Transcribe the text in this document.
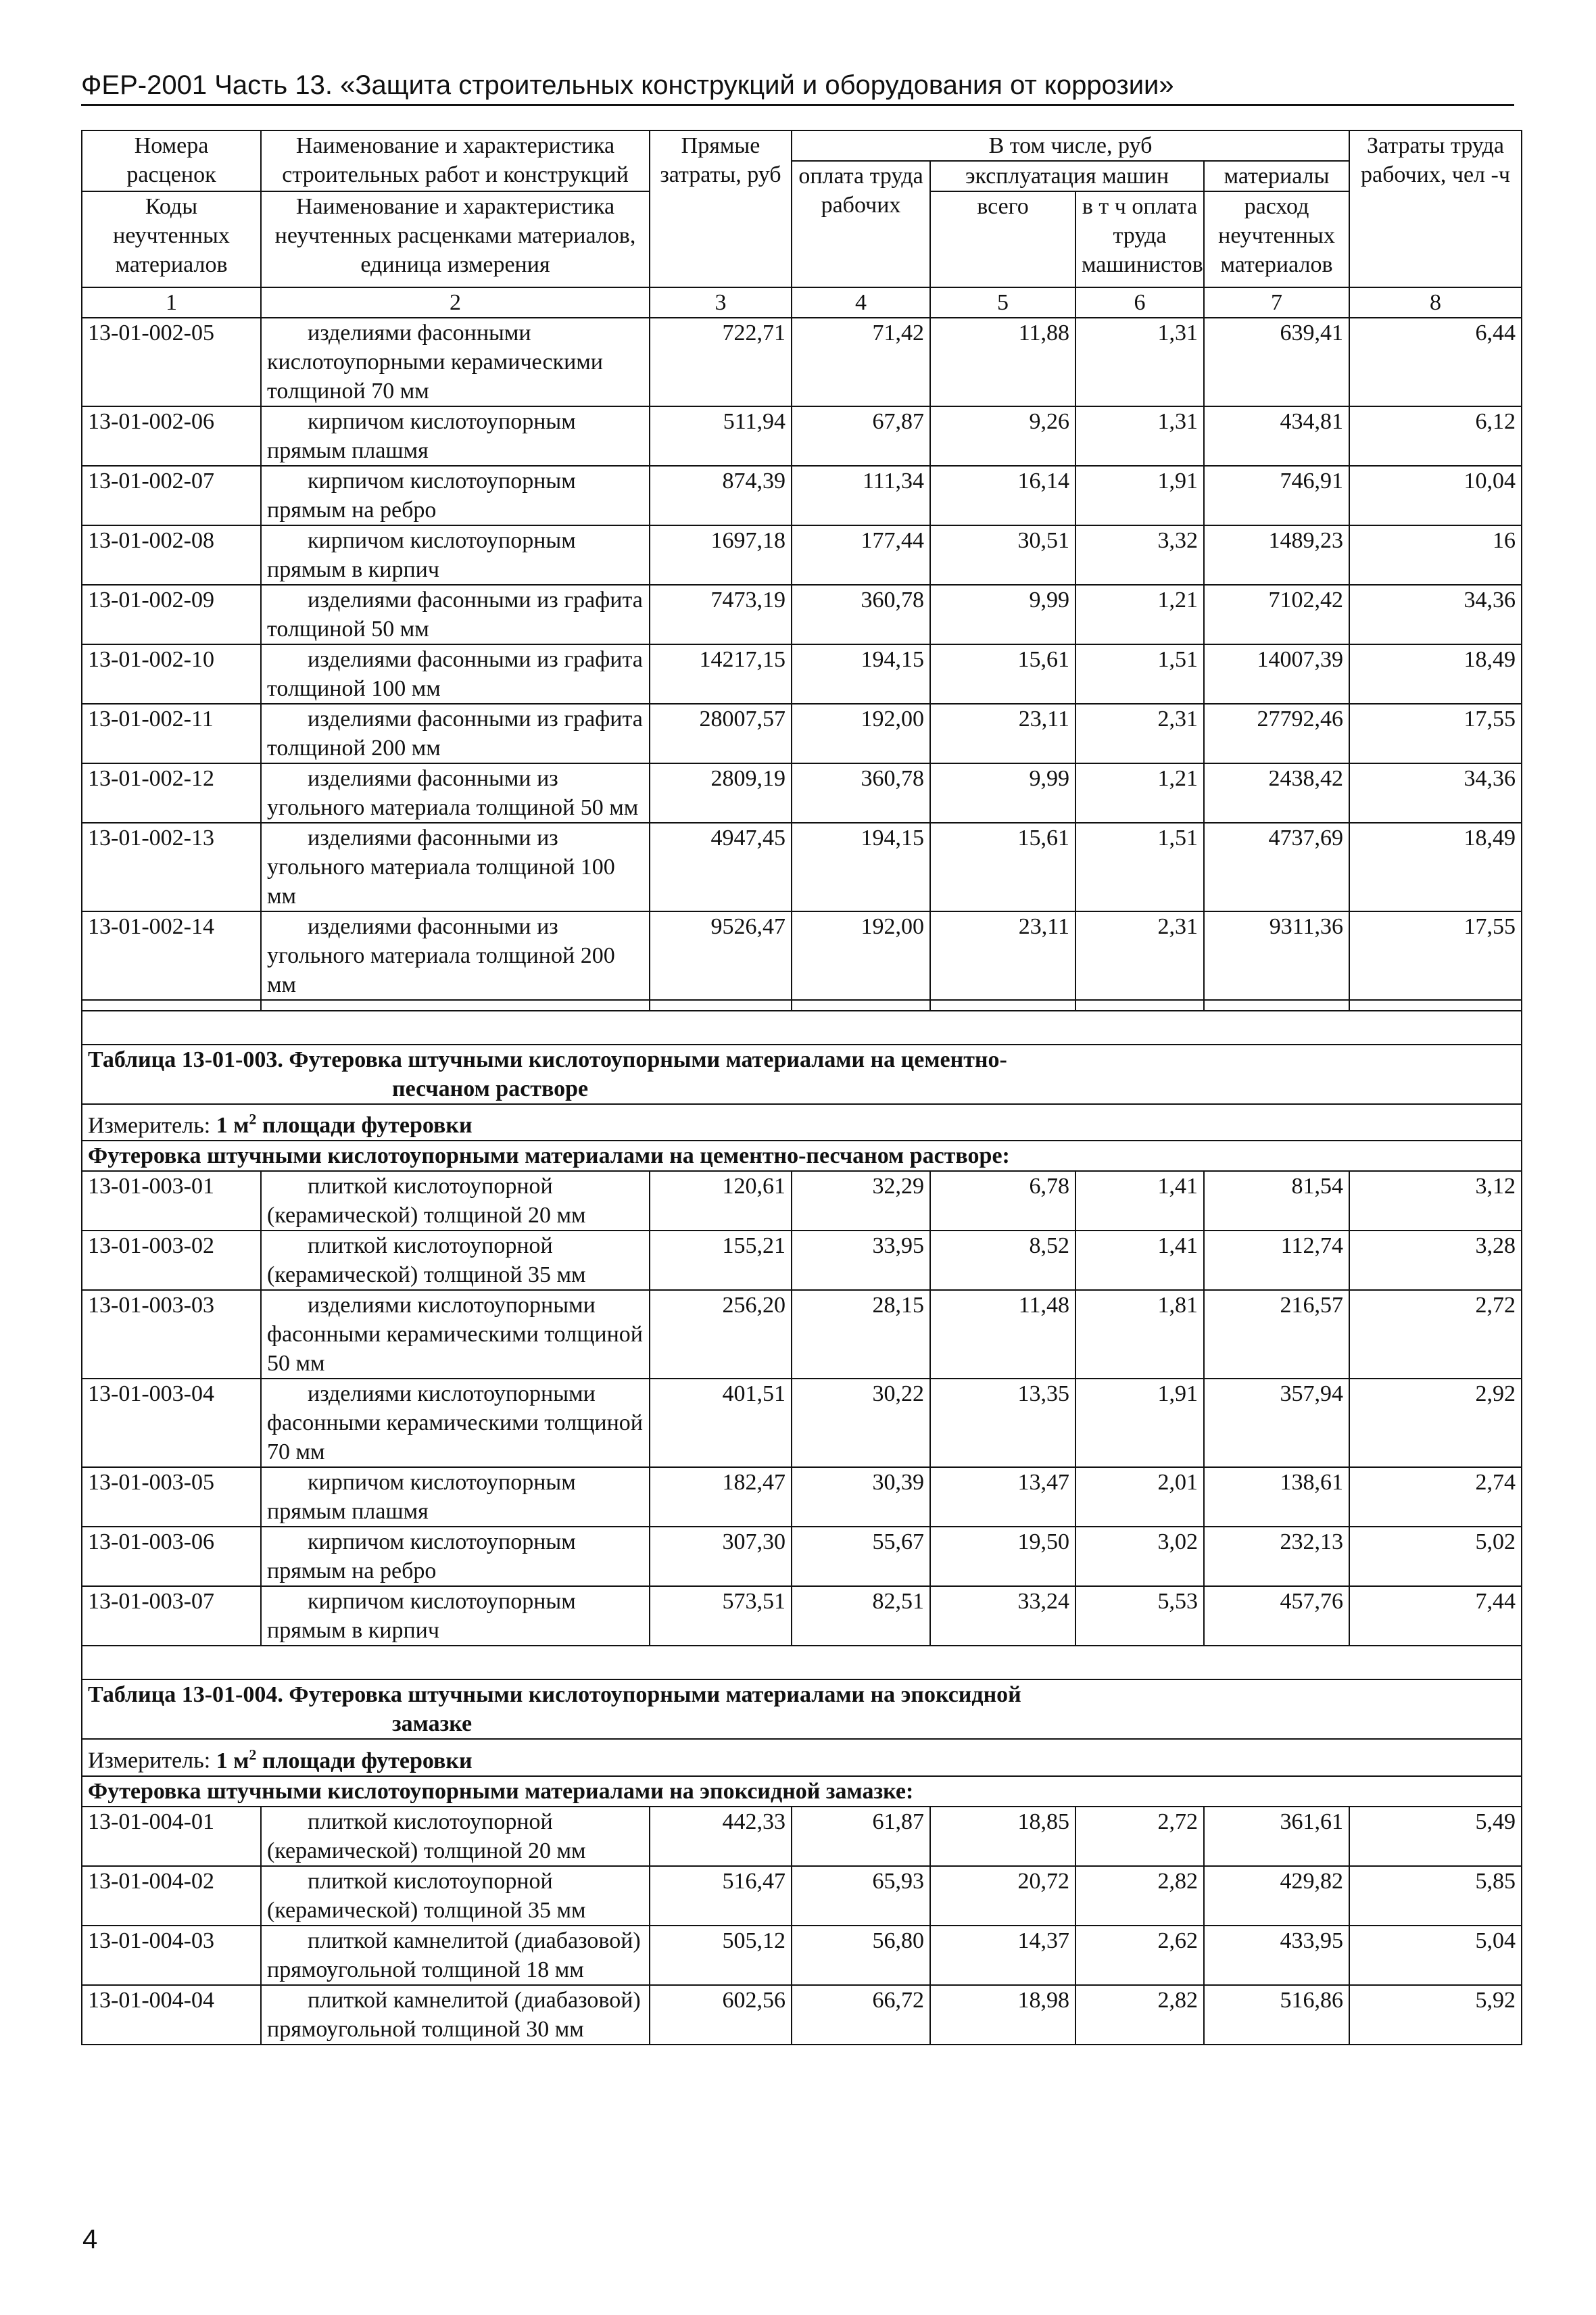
ФЕР-2001 Часть 13. «Защита строительных конструкций и оборудования от коррозии»
Номера расценок	Наименование и характеристика строительных работ и конструкций	Прямые затраты, руб	В том числе, руб				Затраты труда рабочих, чел -ч
			оплата труда рабочих	эксплуатация машин		материалы	
Коды неучтенных материалов	Наименование и характеристика неучтенных расценками материалов, единица измерения			всего	в т ч оплата труда машинистов	расход неучтенных материалов	
1	2	3	4	5	6	7	8
13-01-002-05	изделиями фасонными кислотоупорными керамическими толщиной 70 мм	722,71	71,42	11,88	1,31	639,41	6,44
13-01-002-06	кирпичом кислотоупорным прямым плашмя	511,94	67,87	9,26	1,31	434,81	6,12
13-01-002-07	кирпичом кислотоупорным прямым на ребро	874,39	111,34	16,14	1,91	746,91	10,04
13-01-002-08	кирпичом кислотоупорным прямым в кирпич	1697,18	177,44	30,51	3,32	1489,23	16
13-01-002-09	изделиями фасонными из графита толщиной 50 мм	7473,19	360,78	9,99	1,21	7102,42	34,36
13-01-002-10	изделиями фасонными из графита толщиной 100 мм	14217,15	194,15	15,61	1,51	14007,39	18,49
13-01-002-11	изделиями фасонными из графита толщиной 200 мм	28007,57	192,00	23,11	2,31	27792,46	17,55
13-01-002-12	изделиями фасонными из угольного материала толщиной 50 мм	2809,19	360,78	9,99	1,21	2438,42	34,36
13-01-002-13	изделиями фасонными из угольного материала толщиной 100 мм	4947,45	194,15	15,61	1,51	4737,69	18,49
13-01-002-14	изделиями фасонными из угольного материала толщиной 200 мм	9526,47	192,00	23,11	2,31	9311,36	17,55

Таблица 13-01-003. Футеровка штучными кислотоупорными материалами на цементно-
песчаном растворе							

Измеритель: 1 $м^2$ площади футеровки							
Футеровка штучными кислотоупорными материалами на цементно-песчаном растворе:							
13-01-003-01	плиткой кислотоупорной (керамической) толщиной 20 мм	120,61	32,29	6,78	1,41	81,54	3,12
13-01-003-02	плиткой кислотоупорной (керамической) толщиной 35 мм	155,21	33,95	8,52	1,41	112,74	3,28
13-01-003-03	изделиями кислотоупорными фасонными керамическими толщиной 50 мм	256,20	28,15	11,48	1,81	216,57	2,72
13-01-003-04	изделиями кислотоупорными фасонными керамическими толщиной 70 мм	401,51	30,22	13,35	1,91	357,94	2,92
13-01-003-05	кирпичом кислотоупорным прямым плашмя	182,47	30,39	13,47	2,01	138,61	2,74
13-01-003-06	кирпичом кислотоупорным прямым на ребро	307,30	55,67	19,50	3,02	232,13	5,02
13-01-003-07	кирпичом кислотоупорным прямым в кирпич	573,51	82,51	33,24	5,53	457,76	7,44

Таблица 13-01-004. Футеровка штучными кислотоупорными материалами на эпоксидной
замазке							

Измеритель: 1 $м^2$ площади футеровки							
Футеровка штучными кислотоупорными материалами на эпоксидной замазке:							
13-01-004-01	плиткой кислотоупорной (керамической) толщиной 20 мм	442,33	61,87	18,85	2,72	361,61	5,49
13-01-004-02	плиткой кислотоупорной (керамической) толщиной 35 мм	516,47	65,93	20,72	2,82	429,82	5,85
13-01-004-03	плиткой камнелитой (диабазовой) прямоугольной толщиной 18 мм	505,12	56,80	14,37	2,62	433,95	5,04
13-01-004-04	плиткой камнелитой (диабазовой) прямоугольной толщиной 30 мм	602,56	66,72	18,98	2,82	516,86	5,92
4
